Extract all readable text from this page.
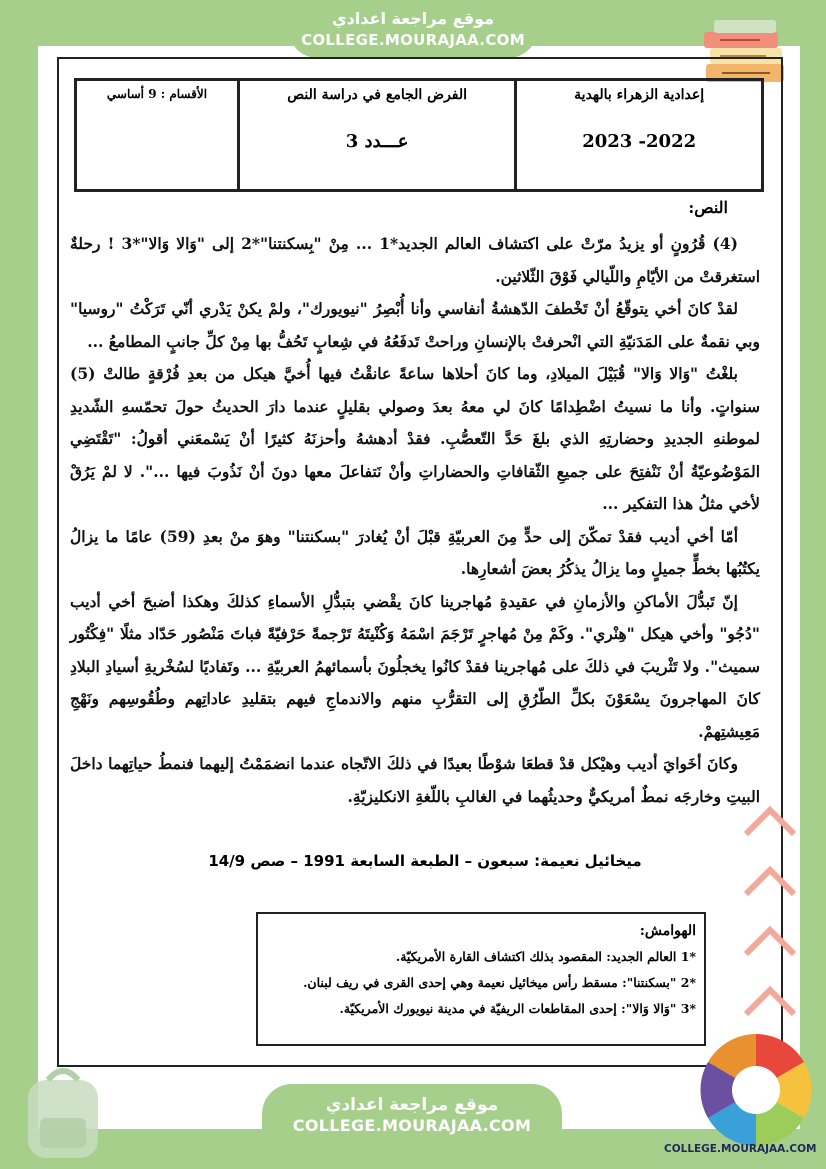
موقع مراجعة اعدادي
COLLEGE.MOURAJAA.COM
إعدادية الزهراء بالهدية
2023 -2022
	الفرض الجامع في دراسة النص
عـــدد 3
	الأقسام : 9 أساسي
النص:

(4) قُرُونٍ أو يزيدُ مرّتْ على اكتشاف العالم الجديد*1 ... مِنْ "بِسكنتنا"*2 إلى "وَالا وَالا"*3 ! رحلةٌ استغرقتْ من الأيّامِ واللّيالي فَوْقَ الثّلاثين.

لقدْ كانَ أخي يتوقّعُ أنْ تَخْطفَ الدّهشةُ أنفاسي وأنا أُبْصِرُ "نيويورك"، ولمْ يكنْ يَدْري أنّي تَرَكْتُ "روسيا" وبي نقمةٌ على المَدَنيّةِ التي انْحرفتْ بالإنسانِ وراحتْ تَدفَعُهُ في شِعابٍ تَحُفُّ بها مِنْ كلِّ جانبٍ المطامعُ ...

بلغْتُ "وَالا وَالا" قُبَيْلَ الميلادِ، وما كانَ أحلاها ساعةً عانقْتُ فيها أُخيَّ هيكل من بعدِ فُرْقةٍ طالتْ (5) سنواتٍ. وأنا ما نسيتُ اضْطِدامًا كانَ لي معهُ بعدَ وصولي بقليلٍ عندما دارَ الحديثُ حولَ تحمّسهِ الشّديدِ لموطنهِ الجديدِ وحضارتِهِ الذي بلغَ حَدَّ التّعصُّبِ. فقدْ أدهشهُ وأحزنَهُ كثيرًا أنْ يَسْمعَني أقولُ: "تَقْتَضِي المَوْضُوعيّةُ أنْ نَنْفتِحَ على جميعِ الثّقافاتِ والحضاراتِ وأنْ نَتفاعلَ معها دونَ أنْ نَذُوبَ فيها ...". لا لمْ يَرُقْ لأخي مثلُ هذا التفكير ...

أمّا أخي أديب فقدْ تمكّنَ إلى حدٍّ مِنَ العربيّةِ قبْلَ أنْ يُغادرَ "بسكنتنا" وهوَ منْ بعدِ (59) عامًا ما يزالُ يكتُبُها بخطٍّ جميلٍ وما يزالُ يذكُرُ بعضَ أشعارِها.

إنّ تَبدُّلَ الأماكنِ والأزمانِ في عقيدةِ مُهاجرينا كانَ يقْضي بتبدُّلِ الأسماءِ كذلكَ وهكذا أضبحَ أخي أديب "دُجُو" وأخي هيكل "هِنْري". وكَمْ مِنْ مُهاجرٍ تَرْجَمَ اسْمَهُ وَكُنْيتَهُ تَرْجمةً حَرْفيّةً فباتَ مَنْصُور حَدّاد مثلًا "فِكْتُور سميث". ولا تَثْريبَ في ذلكَ على مُهاجرينا فقدْ كانُوا يخجلُونَ بأسمائهمُ العربيّةِ ... وتَفاديًا لسُخْريةِ أسيادِ البلادِ كانَ المهاجرونَ يسْعَوْنَ بكلِّ الطّرُقِ إلى التقرُّبِ منهم والاندماجِ فيهم بتقليدِ عاداتِهم وطُقُوسِهم ونَهْجِ مَعِيشتِهمْ.

وكانَ أخَوايَ أديب وهيْكل قدْ قطعَا شوْطًا بعيدًا في ذلكَ الاتّجاه عندما انضمَمْتُ إليهما فنمطُ حياتِهما داخلَ البيتِ وخارجَه نمطٌ أمريكيٌّ وحديثُهما في الغالبِ باللّغةِ الانكليزيّةِ.

ميخائيل نعيمة: سبعون – الطبعة السابعة 1991 – صص 14/9
الهوامش:
*1 العالم الجديد: المقصود بذلك اكتشاف القارة الأمريكيّة.
*2 "بسكنتنا": مسقط رأس ميخائيل نعيمة وهي إحدى القرى في ريف لبنان.
*3 "وَالا وَالا": إحدى المقاطعات الريفيّة في مدينة نيويورك الأمريكيّة.
موقع مراجعة اعدادي
COLLEGE.MOURAJAA.COM
COLLEGE.MOURAJAA.COM
